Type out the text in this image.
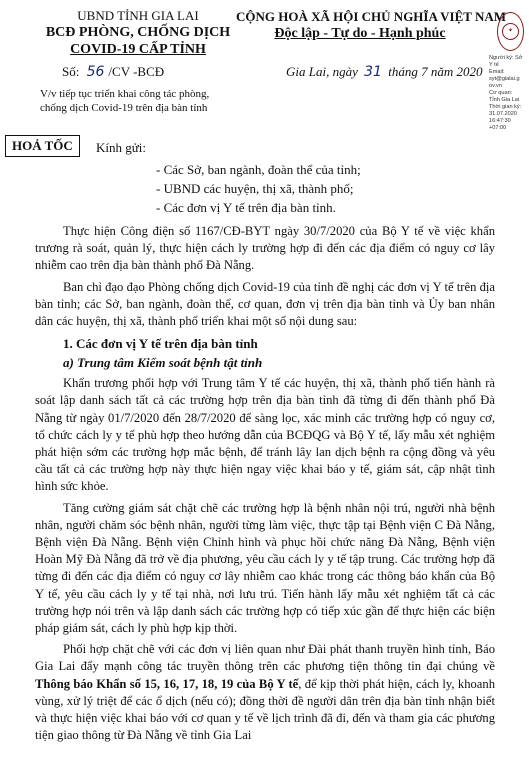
UBND TỈNH GIA LAI
BCĐ PHÒNG, CHỐNG DỊCH
COVID-19 CẤP TỈNH
Số: 56 /CV -BCĐ
V/v tiếp tục triển khai công tác phòng,
chống dịch Covid-19 trên địa bàn tỉnh
CỘNG HOÀ XÃ HỘI CHỦ NGHĨA VIỆT NAM
Độc lập - Tự do - Hạnh phúc
Gia Lai, ngày 31 tháng 7 năm 2020
✦
Người ký: Sở
Y tế
Email:
syt@gialai.g
ov.vn
Cơ quan:
Tỉnh Gia Lai
Thời gian ký:
31.07.2020
16:47:30
+07:00
HOẢ TỐC	Kính gửi:
- Các Sở, ban ngành, đoàn thể của tỉnh;
- UBND các huyện, thị xã, thành phố;
- Các đơn vị Y tế trên địa bàn tỉnh.

Thực hiện Công điện số 1167/CĐ-BYT ngày 30/7/2020 của Bộ Y tế về việc khẩn trương rà soát, quản lý, thực hiện cách ly trường hợp đi đến các địa điểm có nguy cơ lây nhiễm cao trên địa bàn thành phố Đà Nẵng.

Ban chỉ đạo đạo Phòng chống dịch Covid-19 của tỉnh đề nghị các đơn vị Y tế trên địa bàn tỉnh; các Sở, ban ngành, đoàn thể, cơ quan, đơn vị trên địa bàn tỉnh và Ủy ban nhân dân các huyện, thị xã, thành phố triển khai một số nội dung sau:

1. Các đơn vị Y tế trên địa bàn tỉnh
a) Trung tâm Kiểm soát bệnh tật tỉnh

Khẩn trương phối hợp với Trung tâm Y tế các huyện, thị xã, thành phố tiến hành rà soát lập danh sách tất cả các trường hợp trên địa bàn tỉnh đã từng đi đến thành phố Đà Nẵng từ ngày 01/7/2020 đến 28/7/2020 để sàng lọc, xác minh các trường hợp có nguy cơ, tổ chức cách ly y tế phù hợp theo hướng dẫn của BCĐQG và Bộ Y tế, lấy mẫu xét nghiệm phát hiện sớm các trường hợp mắc bệnh, để tránh lây lan dịch bệnh ra cộng đồng và yêu cầu tất cả các trường hợp này thực hiện ngay việc khai báo y tế, giám sát, cập nhật tình hình sức khỏe.

Tăng cường giám sát chặt chẽ các trường hợp là bệnh nhân nội trú, người nhà bệnh nhân, người chăm sóc bệnh nhân, người từng làm việc, thực tập tại Bệnh viện C Đà Nẵng, Bệnh viện Đà Nẵng. Bệnh viện Chỉnh hình và phục hồi chức năng Đà Nẵng, Bệnh viện Hoàn Mỹ Đà Nẵng đã trở về địa phương, yêu cầu cách ly y tế tập trung. Các trường hợp đã từng đi đến các địa điểm có nguy cơ lây nhiễm cao khác trong các thông báo khẩn của Bộ Y tế, yêu cầu cách ly y tế tại nhà, nơi lưu trú. Tiến hành lấy mẫu xét nghiệm tất cả các trường hợp nói trên và lập danh sách các trường hợp có tiếp xúc gần để thực hiện các biện pháp giám sát, cách ly phù hợp kịp thời.

Phối hợp chặt chẽ với các đơn vị liên quan như Đài phát thanh truyền hình tỉnh, Báo Gia Lai đẩy mạnh công tác truyền thông trên các phương tiện thông tin đại chúng về Thông báo Khẩn số 15, 16, 17, 18, 19 của Bộ Y tế, để kịp thời phát hiện, cách ly, khoanh vùng, xử lý triệt để các ổ dịch (nếu có); đồng thời đề người dân trên địa bàn tỉnh nhận biết và thực hiện việc khai báo với cơ quan y tế về lịch trình đã đi, đến và tham gia các phương tiện giao thông từ Đà Nẵng về tỉnh Gia Lai
